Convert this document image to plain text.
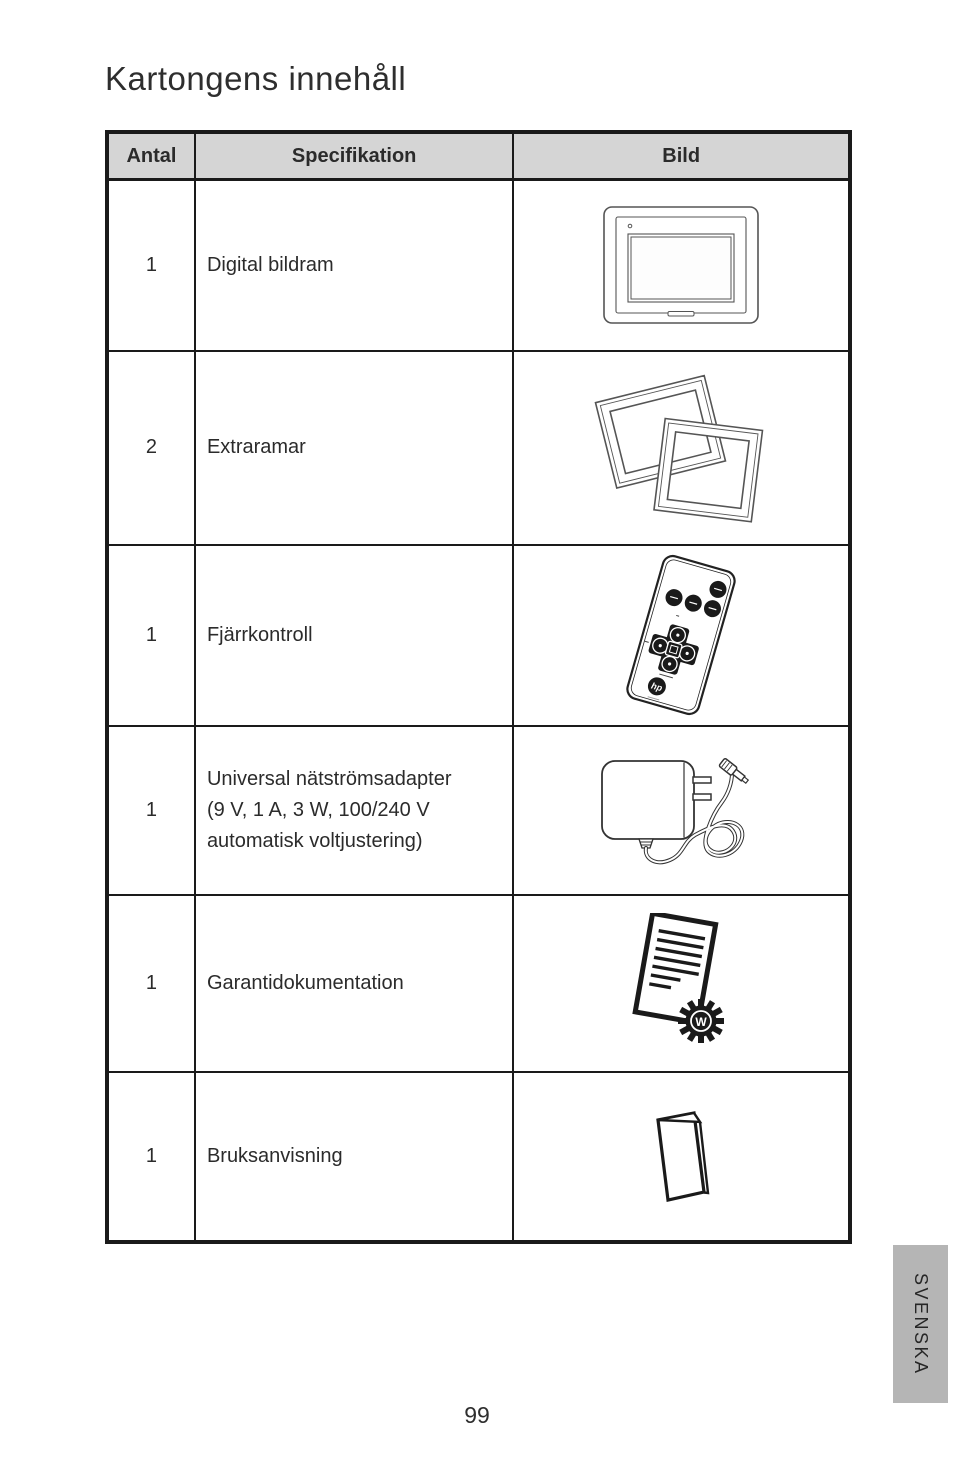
Kartongens innehåll
Antal	Specifikation	Bild
1	Digital bildram	

2	Extraramar	

1	Fjärrkontroll	hp

1	Universal nätströmsadapter
(9 V, 1 A, 3 W, 100/240 V
automatisk voltjustering)

1	Garantidokumentation	W

1	Bruksanvisning	
99
SVENSKA
